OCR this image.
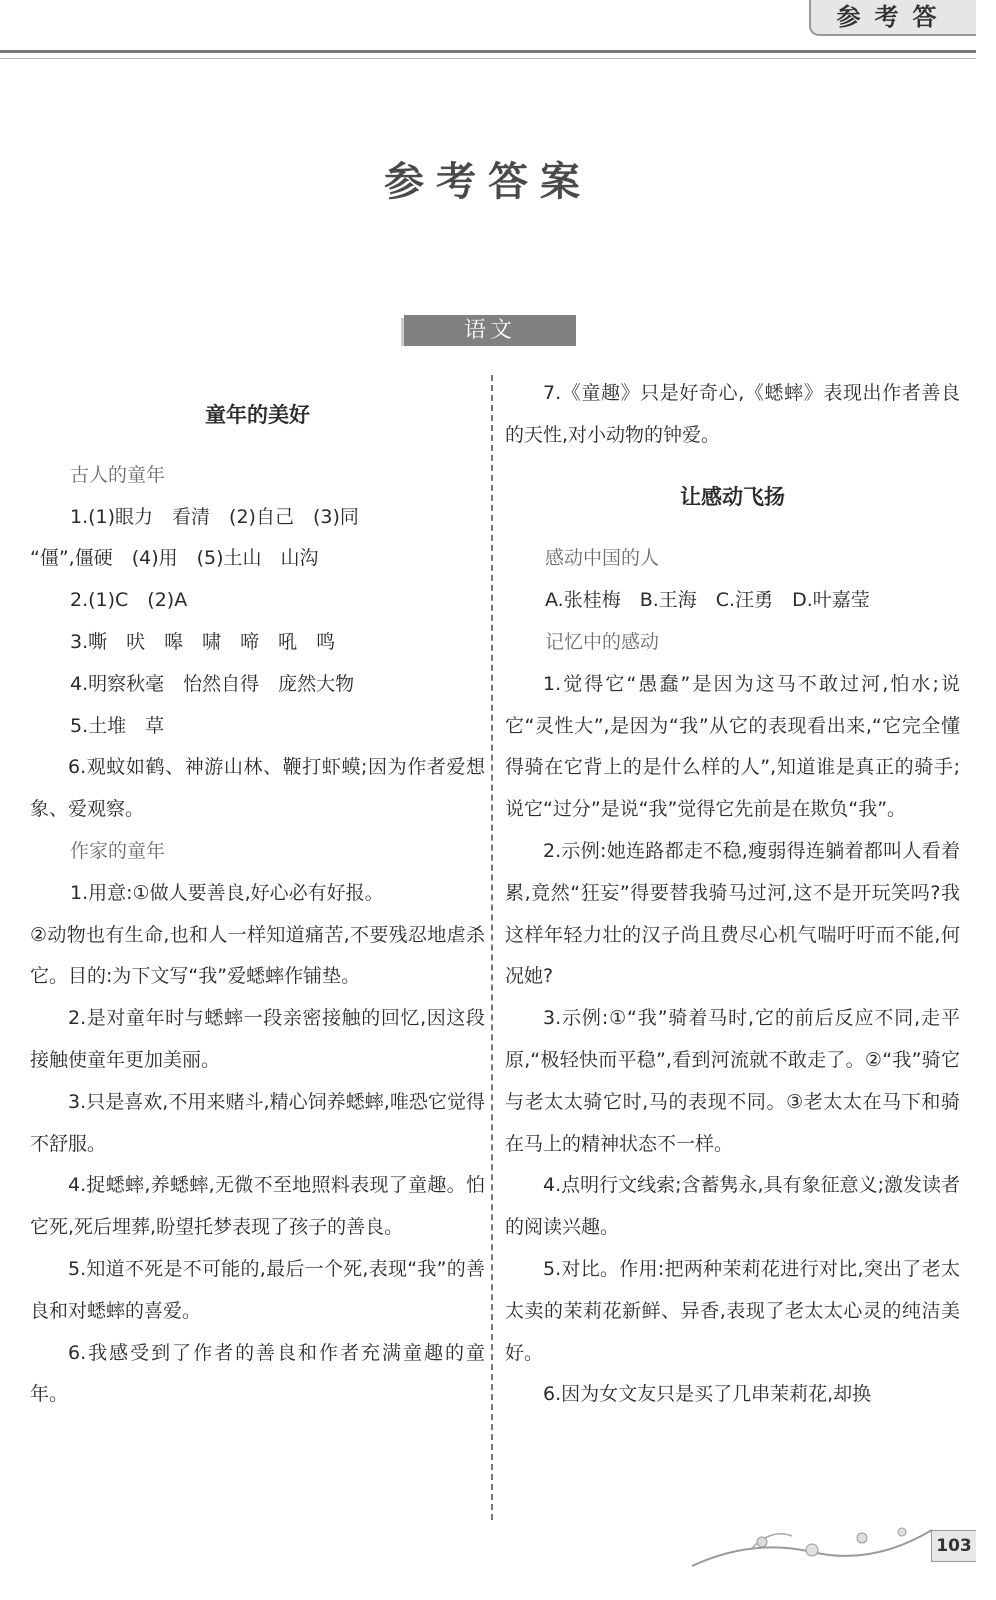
参考答
参考答案
语文
童年的美好

古人的童年

1.(1)眼力　看清　(2)自己　(3)同

“僵”,僵硬　(4)用　(5)土山　山沟

2.(1)C　(2)A

3.嘶　吠　嗥　啸　啼　吼　鸣

4.明察秋毫　怡然自得　庞然大物

5.土堆　草

6.观蚊如鹤、神游山林、鞭打虾蟆;因为作者爱想象、爱观察。

作家的童年

1.用意:①做人要善良,好心必有好报。

②动物也有生命,也和人一样知道痛苦,不要残忍地虐杀它。目的:为下文写“我”爱蟋蟀作铺垫。

2.是对童年时与蟋蟀一段亲密接触的回忆,因这段接触使童年更加美丽。

3.只是喜欢,不用来赌斗,精心饲养蟋蟀,唯恐它觉得不舒服。

4.捉蟋蟀,养蟋蟀,无微不至地照料表现了童趣。怕它死,死后埋葬,盼望托梦表现了孩子的善良。

5.知道不死是不可能的,最后一个死,表现“我”的善良和对蟋蟀的喜爱。

6.我感受到了作者的善良和作者充满童趣的童年。

7.《童趣》只是好奇心,《蟋蟀》表现出作者善良的天性,对小动物的钟爱。

让感动飞扬

感动中国的人

A.张桂梅　B.王海　C.汪勇　D.叶嘉莹

记忆中的感动

1.觉得它“愚蠢”是因为这马不敢过河,怕水;说它“灵性大”,是因为“我”从它的表现看出来,“它完全懂得骑在它背上的是什么样的人”,知道谁是真正的骑手;说它“过分”是说“我”觉得它先前是在欺负“我”。

2.示例:她连路都走不稳,瘦弱得连躺着都叫人看着累,竟然“狂妄”得要替我骑马过河,这不是开玩笑吗?我这样年轻力壮的汉子尚且费尽心机气喘吁吁而不能,何况她?

3.示例:①“我”骑着马时,它的前后反应不同,走平原,“极轻快而平稳”,看到河流就不敢走了。②“我”骑它与老太太骑它时,马的表现不同。③老太太在马下和骑在马上的精神状态不一样。

4.点明行文线索;含蓄隽永,具有象征意义;激发读者的阅读兴趣。

5.对比。作用:把两种茉莉花进行对比,突出了老太太卖的茉莉花新鲜、异香,表现了老太太心灵的纯洁美好。

6.因为女文友只是买了几串茉莉花,却换

103
